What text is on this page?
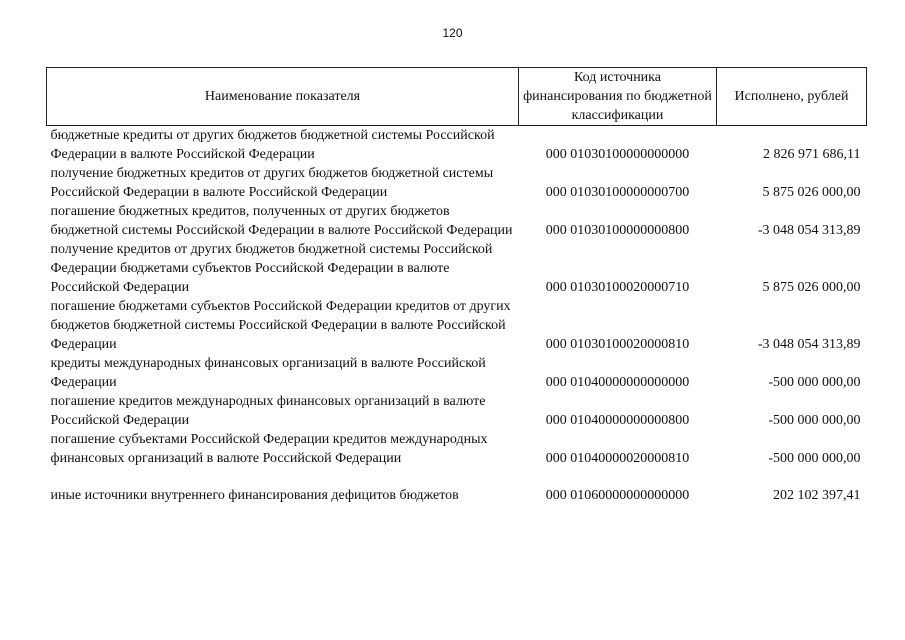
120
Наименование показателя	Код источника финансирования по бюджетной классификации	Исполнено, рублей
бюджетные кредиты от других бюджетов бюджетной системы Российской Федерации в валюте Российской Федерации	000 01030100000000000	2 826 971 686,11
получение бюджетных кредитов от других бюджетов бюджетной системы Российской Федерации в валюте Российской Федерации	000 01030100000000700	5 875 026 000,00
погашение бюджетных кредитов, полученных от других бюджетов бюджетной системы Российской Федерации в валюте Российской Федерации	000 01030100000000800	-3 048 054 313,89
получение кредитов от других бюджетов бюджетной системы Российской Федерации бюджетами субъектов Российской Федерации в валюте Российской Федерации	000 01030100020000710	5 875 026 000,00
погашение бюджетами субъектов Российской Федерации кредитов от других бюджетов бюджетной системы Российской Федерации в валюте Российской Федерации	000 01030100020000810	-3 048 054 313,89
кредиты международных финансовых организаций в валюте Российской Федерации	000 01040000000000000	-500 000 000,00
погашение кредитов международных финансовых организаций в валюте Российской Федерации	000 01040000000000800	-500 000 000,00
погашение субъектами Российской Федерации кредитов международных финансовых организаций в валюте Российской Федерации	000 01040000020000810	-500 000 000,00
иные источники внутреннего финансирования дефицитов бюджетов	000 01060000000000000	202 102 397,41
